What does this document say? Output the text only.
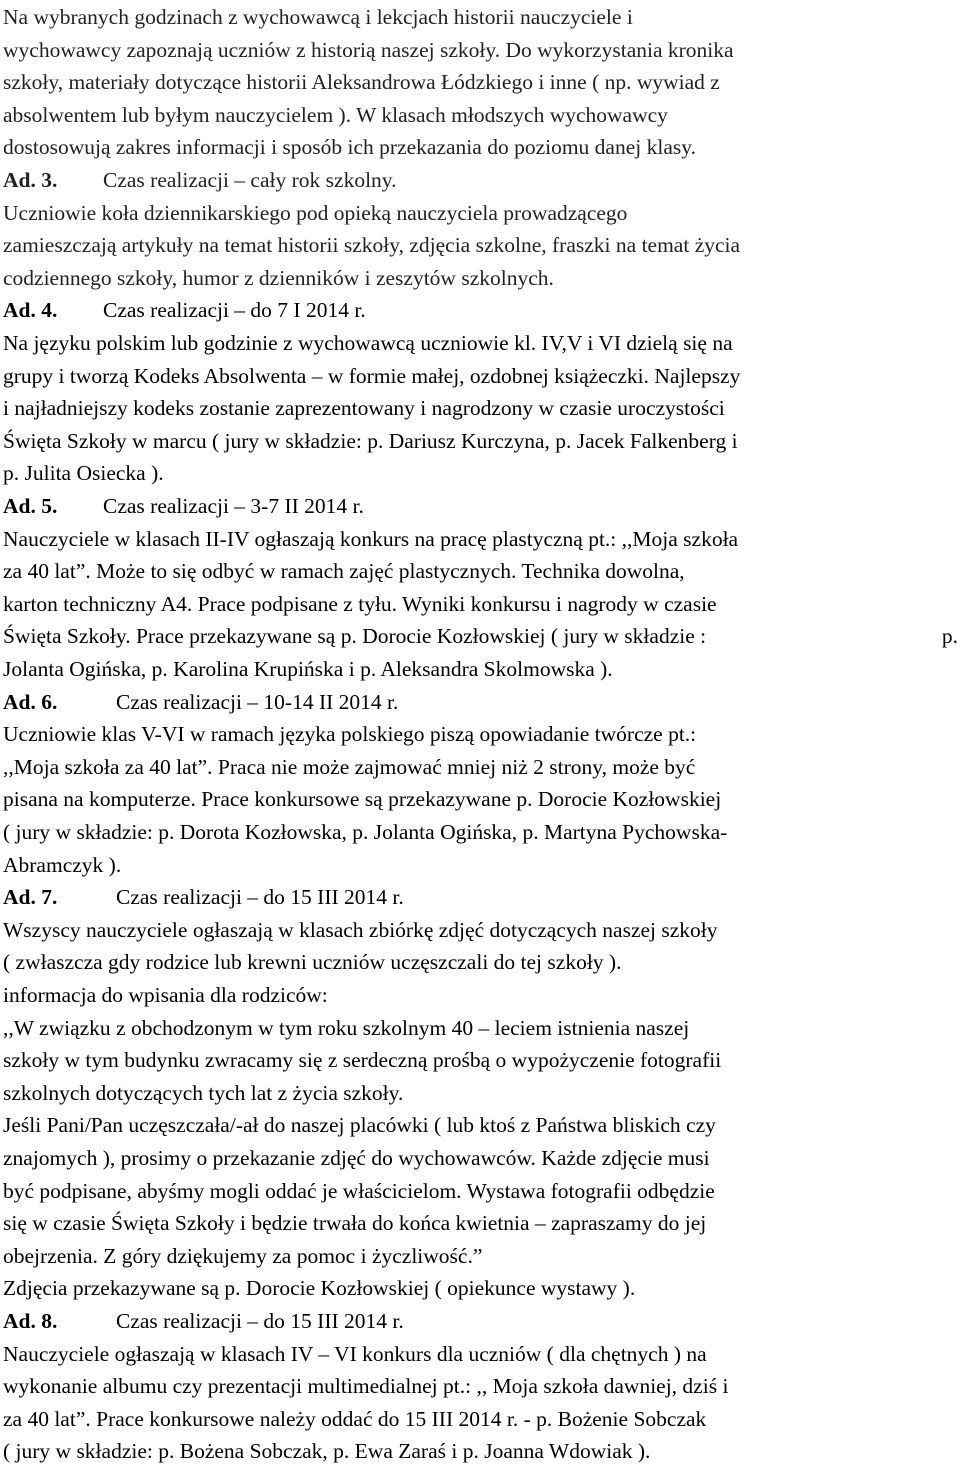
Na wybranych godzinach z wychowawcą i lekcjach historii nauczyciele i
wychowawcy zapoznają uczniów z historią naszej szkoły. Do wykorzystania kronika
szkoły, materiały dotyczące historii Aleksandrowa Łódzkiego i inne ( np. wywiad z
absolwentem lub byłym nauczycielem ). W klasach młodszych wychowawcy
dostosowują zakres informacji i sposób ich przekazania do poziomu danej klasy.
Ad. 3. Czas realizacji – cały rok szkolny.
Uczniowie koła dziennikarskiego pod opieką nauczyciela prowadzącego
zamieszczają artykuły na temat historii szkoły, zdjęcia szkolne, fraszki na temat życia
codziennego szkoły, humor z dzienników i zeszytów szkolnych.
Ad. 4. Czas realizacji – do 7 I 2014 r.
Na języku polskim lub godzinie z wychowawcą uczniowie kl. IV,V i VI dzielą się na
grupy i tworzą Kodeks Absolwenta – w formie małej, ozdobnej książeczki. Najlepszy
i najładniejszy kodeks zostanie zaprezentowany i nagrodzony w czasie uroczystości
Święta Szkoły w marcu ( jury w składzie: p. Dariusz Kurczyna, p. Jacek Falkenberg i
p. Julita Osiecka ).
Ad. 5. Czas realizacji – 3-7 II 2014 r.
Nauczyciele w klasach II-IV ogłaszają konkurs na pracę plastyczną pt.: ,,Moja szkoła
za 40 lat”. Może to się odbyć w ramach zajęć plastycznych. Technika dowolna,
karton techniczny A4. Prace podpisane z tyłu. Wyniki konkursu i nagrody w czasie
Święta Szkoły. Prace przekazywane są p. Dorocie Kozłowskiej ( jury w składzie :	p.
Jolanta Ogińska, p. Karolina Krupińska i p. Aleksandra Skolmowska ).
Ad. 6.	Czas realizacji – 10-14 II 2014 r.
Uczniowie klas V-VI w ramach języka polskiego piszą opowiadanie twórcze pt.:
,,Moja szkoła za 40 lat”. Praca nie może zajmować mniej niż 2 strony, może być
pisana na komputerze. Prace konkursowe są przekazywane p. Dorocie Kozłowskiej
( jury w składzie: p. Dorota Kozłowska, p. Jolanta Ogińska, p. Martyna Pychowska-
Abramczyk ).
Ad. 7.	Czas realizacji – do 15 III 2014 r.
Wszyscy nauczyciele ogłaszają w klasach zbiórkę zdjęć dotyczących naszej szkoły
( zwłaszcza gdy rodzice lub krewni uczniów uczęszczali do tej szkoły ).
informacja do wpisania dla rodziców:
,,W związku z obchodzonym w tym roku szkolnym 40 – leciem istnienia naszej
szkoły w tym budynku zwracamy się z serdeczną prośbą o wypożyczenie fotografii
szkolnych dotyczących tych lat z życia szkoły.
Jeśli Pani/Pan uczęszczała/-ał do naszej placówki ( lub ktoś z Państwa bliskich czy
znajomych ), prosimy o przekazanie zdjęć do wychowawców. Każde zdjęcie musi
być podpisane, abyśmy mogli oddać je właścicielom. Wystawa fotografii odbędzie
się w czasie Święta Szkoły i będzie trwała do końca kwietnia – zapraszamy do jej
obejrzenia. Z góry dziękujemy za pomoc i życzliwość.”
Zdjęcia przekazywane są p. Dorocie Kozłowskiej ( opiekunce wystawy ).
Ad. 8.	Czas realizacji – do 15 III 2014 r.
Nauczyciele ogłaszają w klasach IV – VI konkurs dla uczniów ( dla chętnych ) na
wykonanie albumu czy prezentacji multimedialnej pt.: ,, Moja szkoła dawniej, dziś i
za 40 lat”. Prace konkursowe należy oddać do 15 III 2014 r. - p. Bożenie Sobczak
( jury w składzie: p. Bożena Sobczak, p. Ewa Zaraś i p. Joanna Wdowiak ).
